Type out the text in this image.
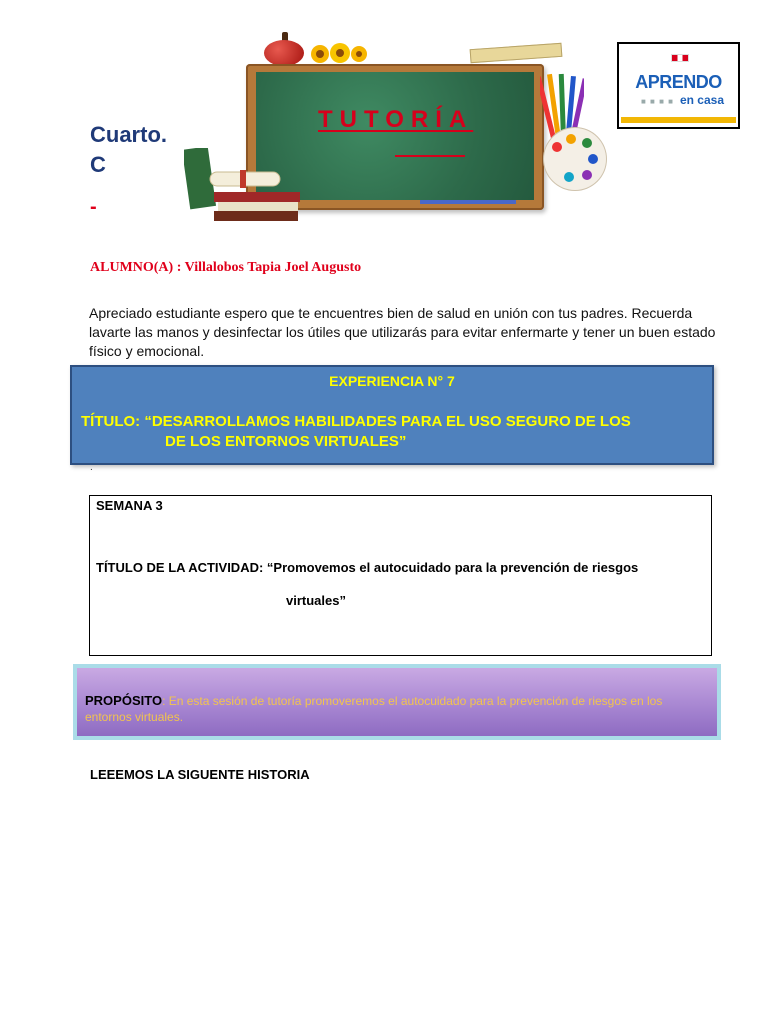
Cuarto.
C
-
TUTORÍA
APRENDO
■ ■ ■ ■ en casa
ALUMNO(A) : Villalobos Tapia Joel Augusto
Apreciado estudiante espero que te encuentres bien de salud en unión con tus padres. Recuerda lavarte las manos y desinfectar los útiles que utilizarás para evitar enfermarte y tener un buen estado físico y emocional.
EXPERIENCIA N° 7
TÍTULO: “DESARROLLAMOS HABILIDADES PARA EL USO SEGURO DE LOS
DE LOS ENTORNOS VIRTUALES”
.
SEMANA 3
TÍTULO DE LA ACTIVIDAD: “Promovemos el autocuidado para la prevención de riesgos
virtuales”
PROPÓSITO: En esta sesión de tutoría promoveremos el autocuidado para la prevención de riesgos en los entornos virtuales.
LEEEMOS LA SIGUENTE HISTORIA
